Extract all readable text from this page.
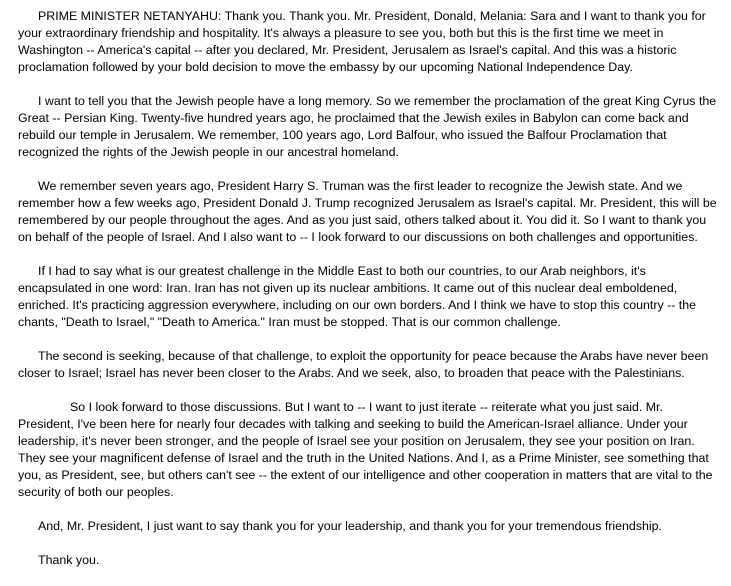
PRIME MINISTER NETANYAHU: Thank you. Thank you. Mr. President, Donald, Melania: Sara and I want to thank you for your extraordinary friendship and hospitality. It's always a pleasure to see you, both but this is the first time we meet in Washington -- America's capital -- after you declared, Mr. President, Jerusalem as Israel's capital. And this was a historic proclamation followed by your bold decision to move the embassy by our upcoming National Independence Day.

I want to tell you that the Jewish people have a long memory. So we remember the proclamation of the great King Cyrus the Great -- Persian King. Twenty-five hundred years ago, he proclaimed that the Jewish exiles in Babylon can come back and rebuild our temple in Jerusalem. We remember, 100 years ago, Lord Balfour, who issued the Balfour Proclamation that recognized the rights of the Jewish people in our ancestral homeland.

We remember seven years ago, President Harry S. Truman was the first leader to recognize the Jewish state. And we remember how a few weeks ago, President Donald J. Trump recognized Jerusalem as Israel's capital. Mr. President, this will be remembered by our people throughout the ages. And as you just said, others talked about it. You did it. So I want to thank you on behalf of the people of Israel. And I also want to -- I look forward to our discussions on both challenges and opportunities.

If I had to say what is our greatest challenge in the Middle East to both our countries, to our Arab neighbors, it's encapsulated in one word: Iran. Iran has not given up its nuclear ambitions. It came out of this nuclear deal emboldened, enriched. It's practicing aggression everywhere, including on our own borders. And I think we have to stop this country -- the chants, "Death to Israel," "Death to America." Iran must be stopped. That is our common challenge.

The second is seeking, because of that challenge, to exploit the opportunity for peace because the Arabs have never been closer to Israel; Israel has never been closer to the Arabs. And we seek, also, to broaden that peace with the Palestinians.

So I look forward to those discussions. But I want to -- I want to just iterate -- reiterate what you just said. Mr. President, I've been here for nearly four decades with talking and seeking to build the American-Israel alliance. Under your leadership, it's never been stronger, and the people of Israel see your position on Jerusalem, they see your position on Iran. They see your magnificent defense of Israel and the truth in the United Nations. And I, as a Prime Minister, see something that you, as President, see, but others can't see -- the extent of our intelligence and other cooperation in matters that are vital to the security of both our peoples.

And, Mr. President, I just want to say thank you for your leadership, and thank you for your tremendous friendship.

Thank you.
